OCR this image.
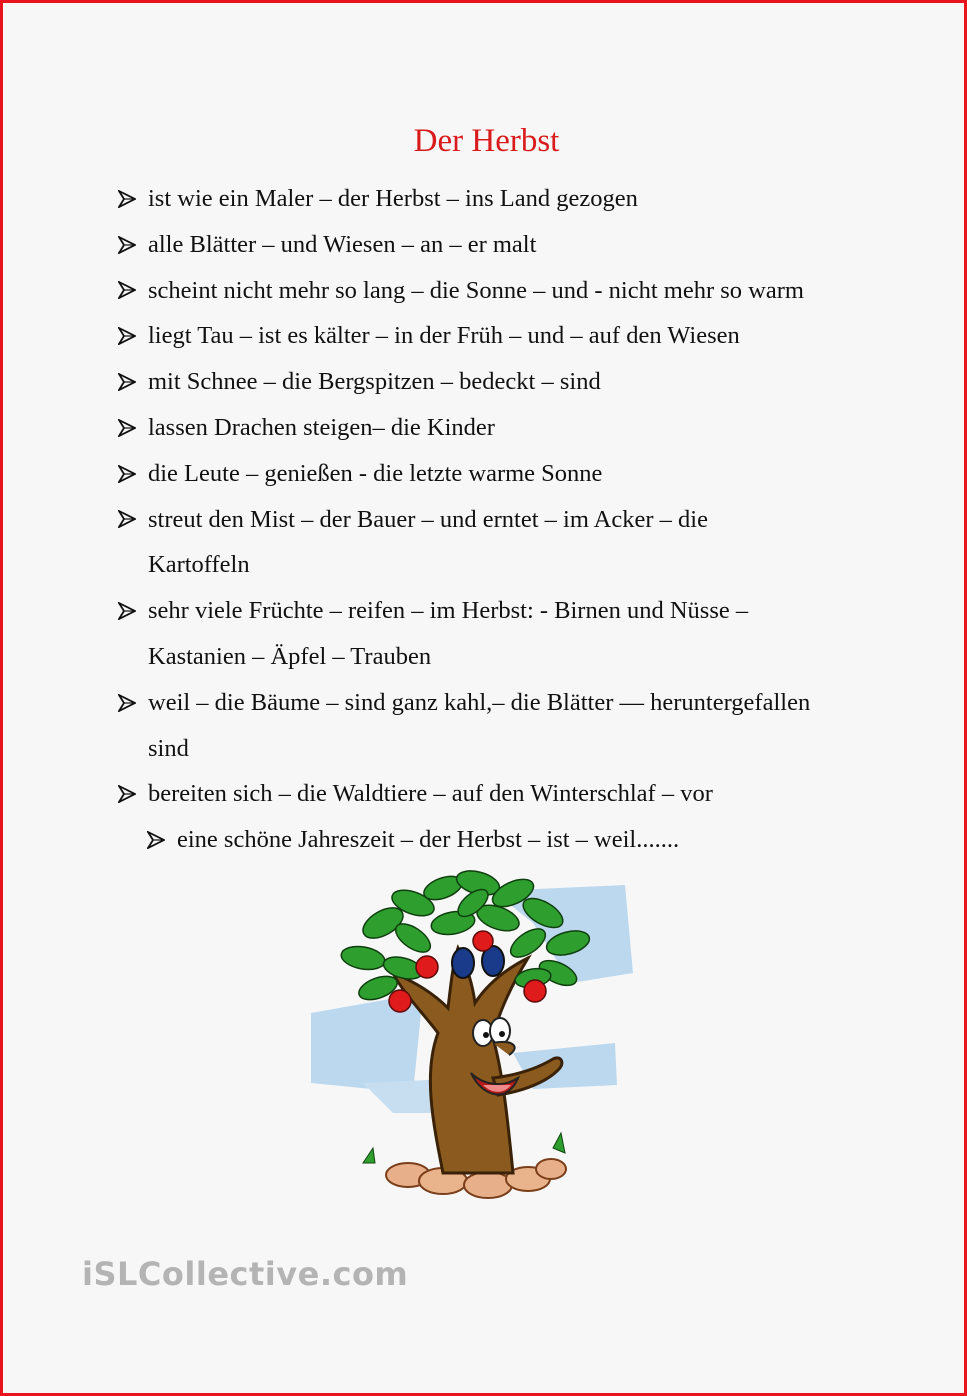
Der Herbst
ist wie ein Maler – der Herbst – ins Land gezogen
alle Blätter – und Wiesen – an – er malt
scheint nicht mehr so lang – die Sonne – und - nicht mehr so warm
liegt Tau – ist es kälter – in der Früh – und – auf den Wiesen
mit Schnee – die Bergspitzen – bedeckt – sind
lassen Drachen steigen– die Kinder
die Leute – genießen - die letzte warme Sonne
streut den Mist – der Bauer – und erntet – im Acker – die
Kartoffeln
sehr viele Früchte – reifen – im Herbst: - Birnen und Nüsse –
Kastanien – Äpfel – Trauben
weil – die Bäume – sind ganz kahl,– die Blätter — heruntergefallen
sind
bereiten sich – die Waldtiere – auf den Winterschlaf – vor
eine schöne Jahreszeit – der Herbst – ist – weil.......
iSLCollective.com
